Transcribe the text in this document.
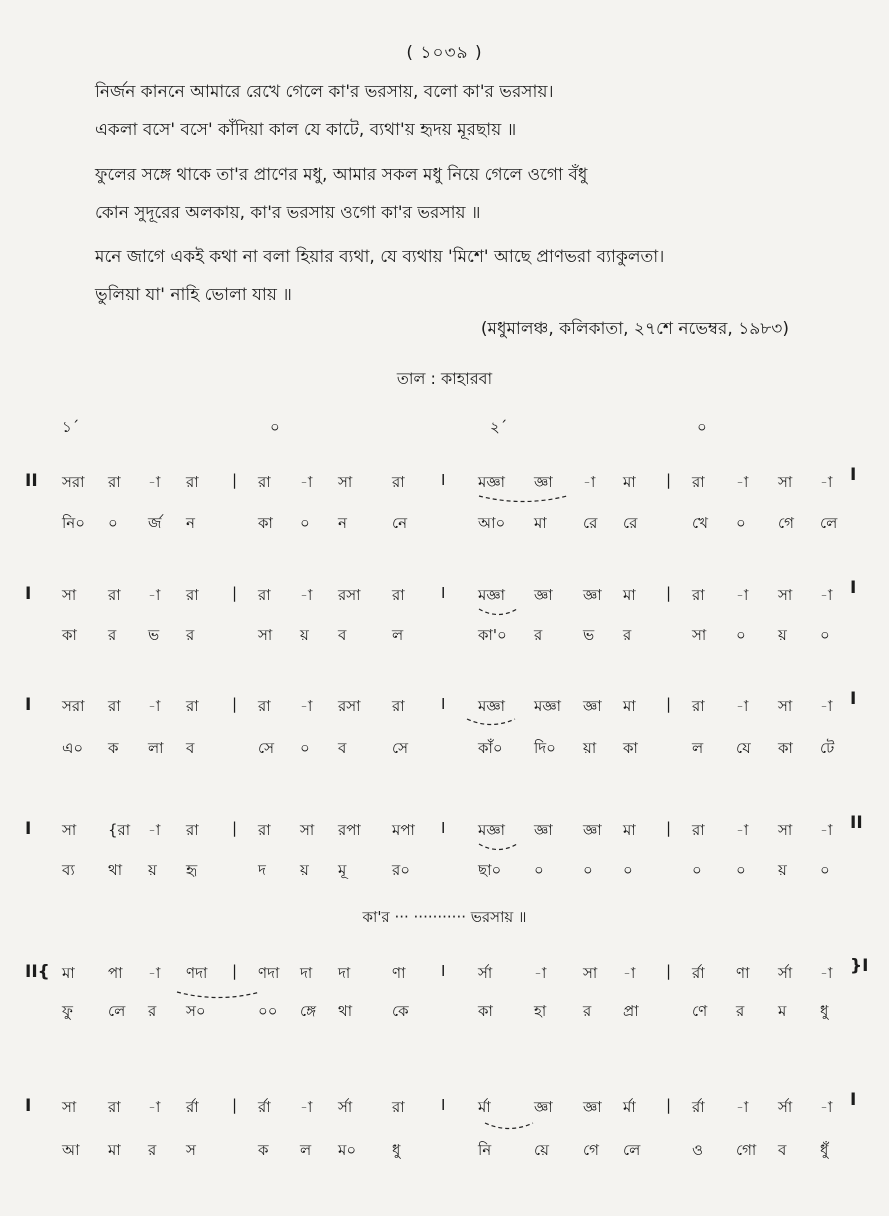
( ১০৩৯ )
নির্জন কাননে আমারে রেখে গেলে কা'র ভরসায়, বলো কা'র ভরসায়।
একলা বসে' বসে' কাঁদিয়া কাল যে কাটে, ব্যথা'য় হৃদয় মূরছায় ॥
ফুলের সঙ্গে থাকে তা'র প্রাণের মধু, আমার সকল মধু নিয়ে গেলে ওগো বঁধু
কোন সুদূরের অলকায়, কা'র ভরসায় ওগো কা'র ভরসায় ॥
মনে জাগে একই কথা না বলা হিয়ার ব্যথা, যে ব্যথায় 'মিশে' আছে প্রাণভরা ব্যাকুলতা।
ভুলিয়া যা' নাহি ভোলা যায় ॥
(মধুমালঞ্চ, কলিকাতা, ২৭শে নভেম্বর, ১৯৮৩)
তাল : কাহারবা
১´	০	২´	০
II	I
সরা রা -া রা | রা -া সা	রা I মজ্ঞা জ্ঞা -া মা | রা -া সা -া
নি০ ০ র্জ ন	কা ০ ন	নে	আ০ মা রে রে	খে ০ গে লে
I	I
সা রা -া রা | রা -া রসা রা I মজ্ঞা জ্ঞা জ্ঞা মা | রা -া সা -া
কা র ভ র	সা য় ব	ল	কা'০ র	ভ র	সা ০ য় ০
I	I
সরা রা -া রা | রা -া রসা রা I মজ্ঞা মজ্ঞা জ্ঞা মা | রা -া সা -া
এ০ ক লা ব	সে ০ ব	সে	কাঁ০ দি০ য়া কা	ল যে কা টে
I	II
সা {রা -া রা | রা সা রপা মপা I মজ্ঞা জ্ঞা জ্ঞা মা | রা -া সা -া
ব্য থা য় হৃ	দ য় মূ	র০	ছা০ ০	০ ০	০ ০ য় ০
II{	}I
মা পা -া ণদা | ণদা দা দা	ণা I র্সা	-া সা -া | র্রা ণা র্সা -া
ফু লে র স০	০০ ঙ্গে থা	কে	কা	হা র প্রা	ণে র ম ধু
I	I
সা রা -া র্রা | র্রা -া র্সা	রা I র্মা	জ্ঞা জ্ঞা র্মা | র্রা -া র্সা -া
আ মা র স	ক ল ম০ ধু	নি	য়ে গে লে	ও গো ব ধুঁ
কা'র ··· ··········· ভরসায় ॥
